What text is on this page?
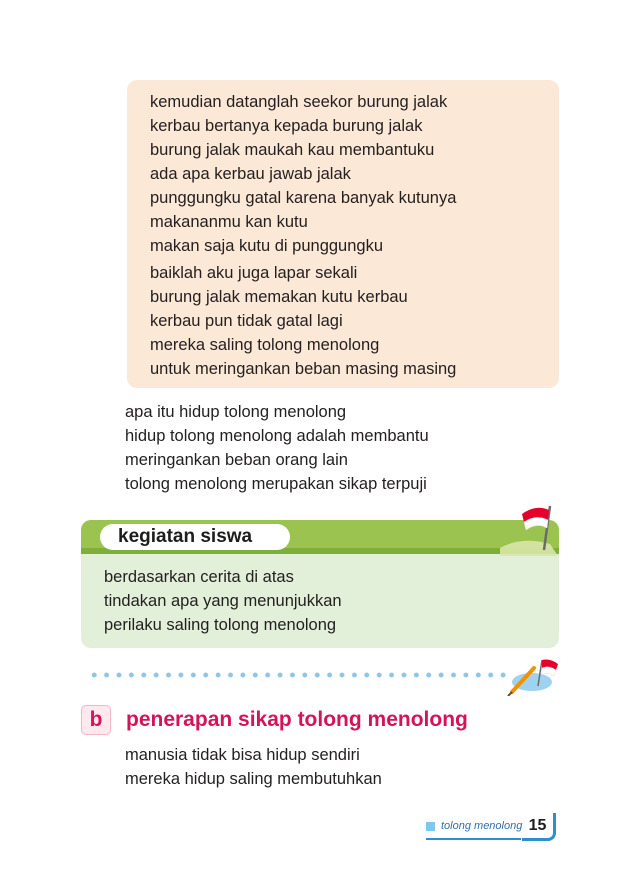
kemudian datanglah seekor burung jalak
kerbau bertanya kepada burung jalak
burung jalak maukah kau membantuku
ada apa kerbau jawab jalak
punggungku gatal karena banyak kutunya
makananmu kan kutu
makan saja kutu di punggungku
baiklah aku juga lapar sekali
burung jalak memakan kutu kerbau
kerbau pun tidak gatal lagi
mereka saling tolong menolong
untuk meringankan beban masing masing
apa itu hidup tolong menolong
hidup tolong menolong adalah membantu
meringankan beban orang lain
tolong menolong merupakan sikap terpuji
kegiatan siswa
berdasarkan cerita di atas
tindakan apa yang menunjukkan
perilaku saling tolong menolong
b	penerapan sikap tolong menolong
manusia tidak bisa hidup sendiri
mereka hidup saling membutuhkan
tolong menolong 15
